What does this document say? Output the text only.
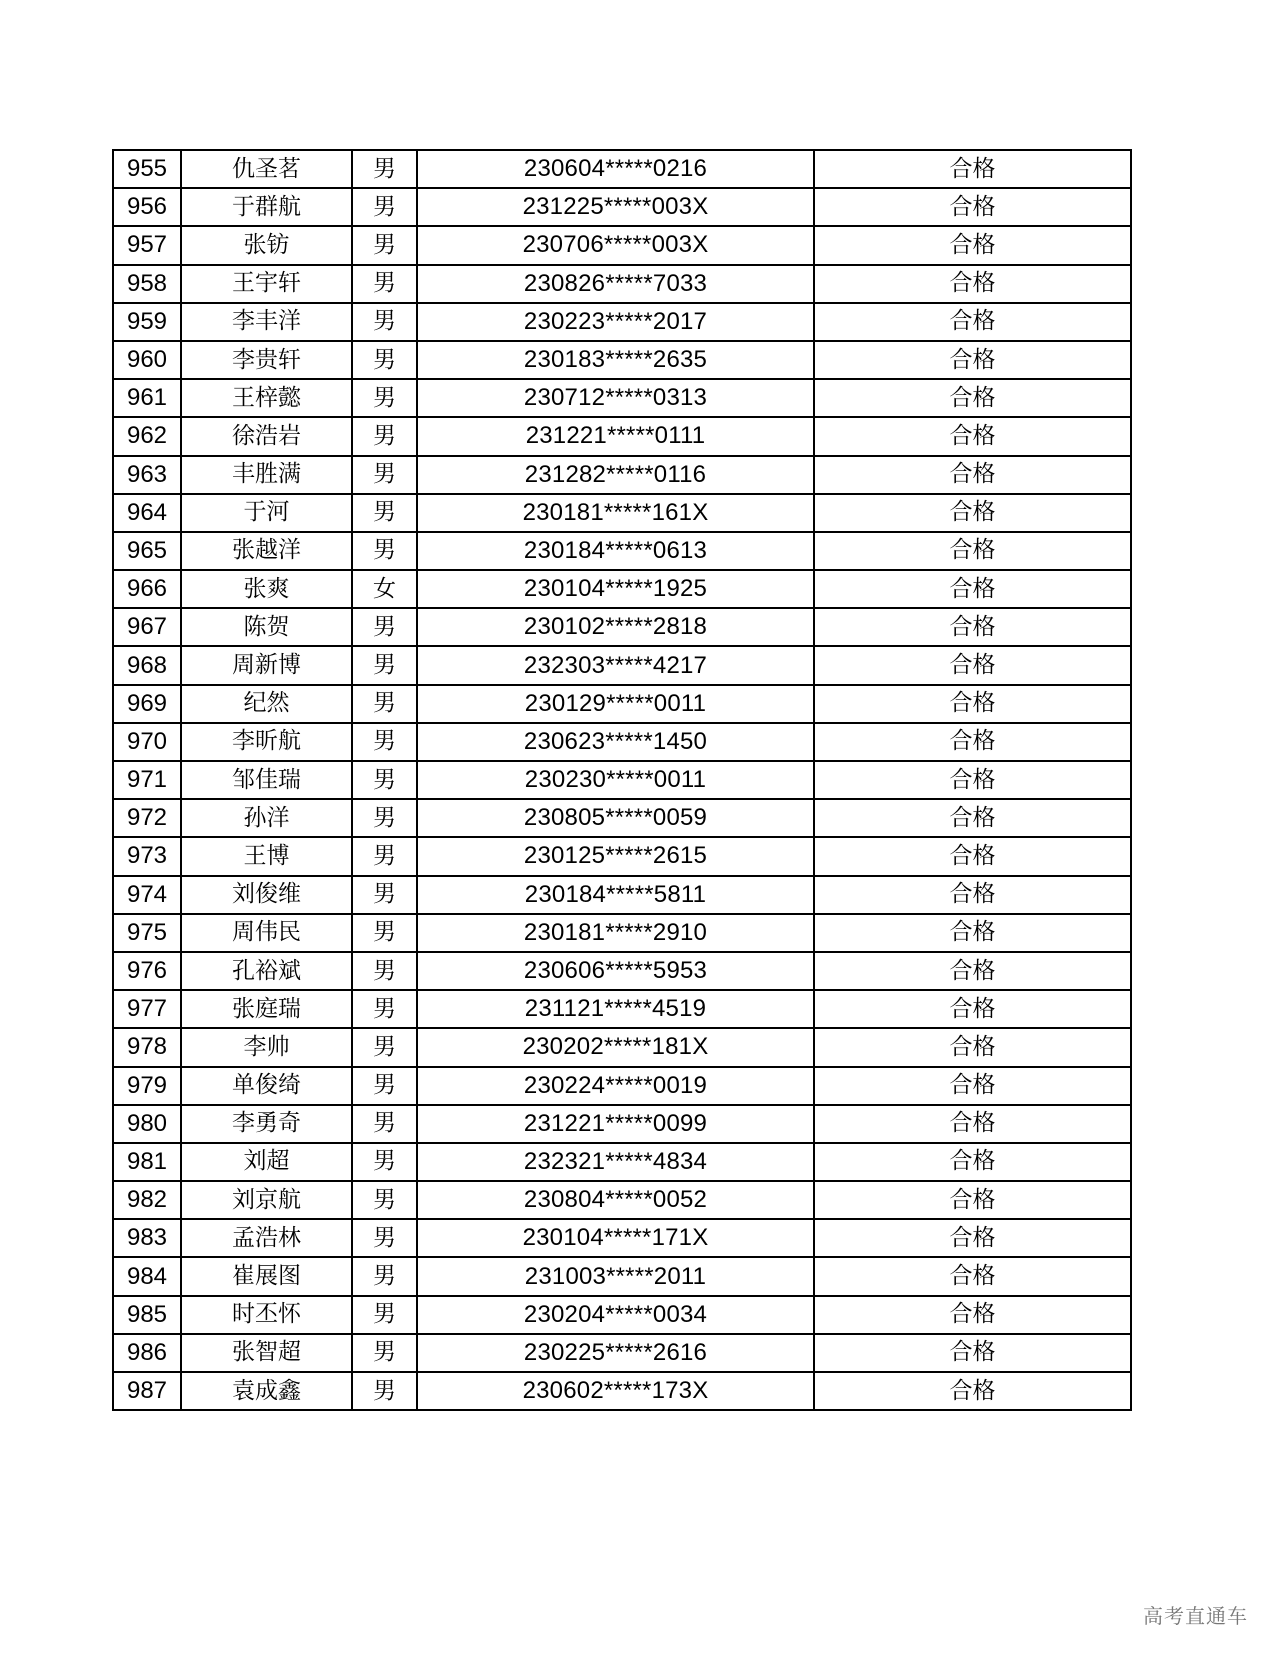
955	仇圣茗	男	230604*****0216	合格
956	于群航	男	231225*****003X	合格
957	张钫	男	230706*****003X	合格
958	王宇轩	男	230826*****7033	合格
959	李丰洋	男	230223*****2017	合格
960	李贵轩	男	230183*****2635	合格
961	王梓懿	男	230712*****0313	合格
962	徐浩岩	男	231221*****0111	合格
963	丰胜满	男	231282*****0116	合格
964	于河	男	230181*****161X	合格
965	张越洋	男	230184*****0613	合格
966	张爽	女	230104*****1925	合格
967	陈贺	男	230102*****2818	合格
968	周新博	男	232303*****4217	合格
969	纪然	男	230129*****0011	合格
970	李昕航	男	230623*****1450	合格
971	邹佳瑞	男	230230*****0011	合格
972	孙洋	男	230805*****0059	合格
973	王博	男	230125*****2615	合格
974	刘俊维	男	230184*****5811	合格
975	周伟民	男	230181*****2910	合格
976	孔裕斌	男	230606*****5953	合格
977	张庭瑞	男	231121*****4519	合格
978	李帅	男	230202*****181X	合格
979	单俊绮	男	230224*****0019	合格
980	李勇奇	男	231221*****0099	合格
981	刘超	男	232321*****4834	合格
982	刘京航	男	230804*****0052	合格
983	孟浩林	男	230104*****171X	合格
984	崔展图	男	231003*****2011	合格
985	时丕怀	男	230204*****0034	合格
986	张智超	男	230225*****2616	合格
987	袁成鑫	男	230602*****173X	合格
高考直通车
